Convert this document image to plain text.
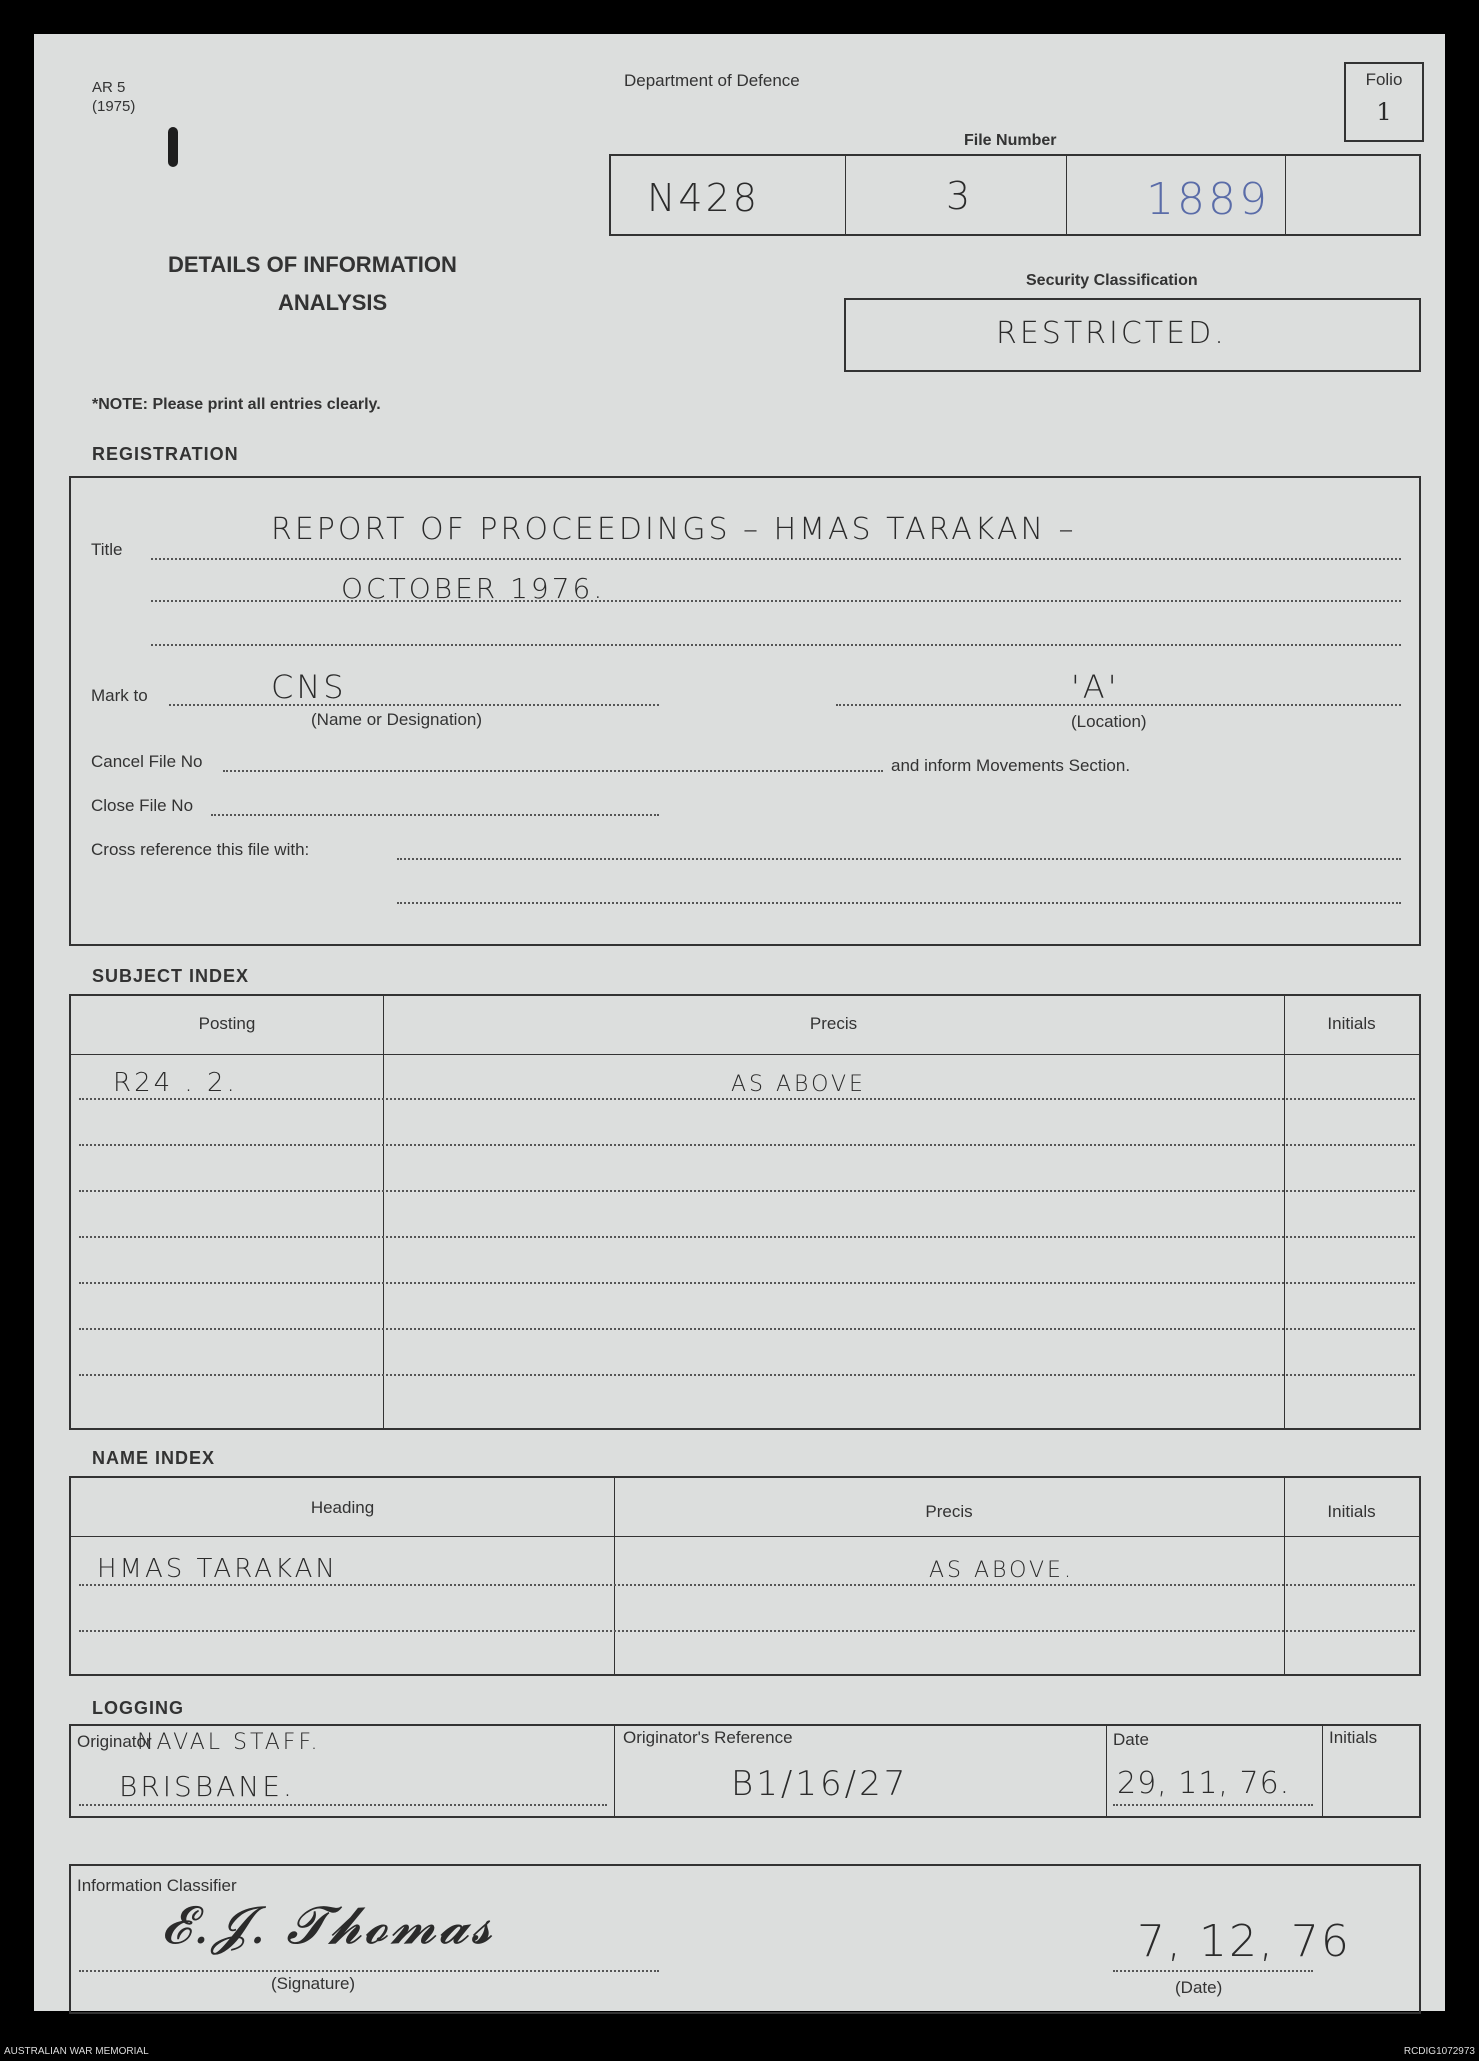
AR 5
(1975)
Department of Defence	Folio
1
File Number
N428	3	1889
DETAILS OF INFORMATION
ANALYSIS
Security Classification
RESTRICTED.
*NOTE: Please print all entries clearly.
REGISTRATION
Title
REPORT OF PROCEEDINGS – HMAS TARAKAN –
OCTOBER 1976.
Mark to	CNS
(Name or Designation)
'A'
(Location)
Cancel File No	and inform Movements Section.
Close File No
Cross reference this file with:
SUBJECT INDEX
Posting	Precis	Initials
R24 . 2.	AS ABOVE
NAME INDEX
Heading	Precis	Initials
HMAS TARAKAN	AS ABOVE.
LOGGING
Originator
NAVAL STAFF.
BRISBANE.
Originator's Reference
B1/16/27
Date
29, 11, 76.
Initials
Information Classifier
𝓔.𝓙. 𝓣𝓱𝓸𝓶𝓪𝓼
(Signature)
7, 12, 76
(Date)
AUSTRALIAN WAR MEMORIAL	RCDIG1072973
